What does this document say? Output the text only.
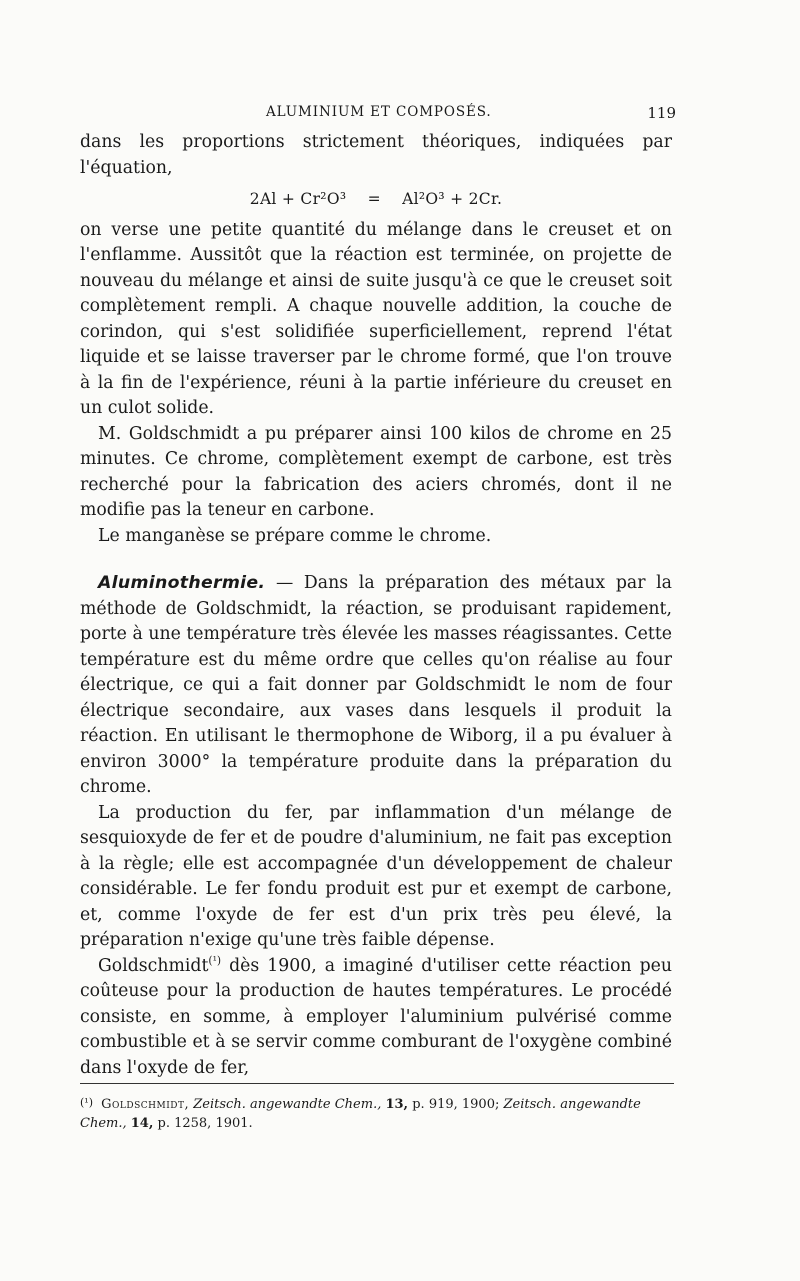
ALUMINIUM ET COMPOSÉS.	119

dans les proportions strictement théoriques, indiquées par l'équation,

2Al + Cr²O³ = Al²O³ + 2Cr.

on verse une petite quantité du mélange dans le creuset et on l'enflamme. Aussitôt que la réaction est terminée, on projette de nouveau du mélange et ainsi de suite jusqu'à ce que le creuset soit complètement rempli. A chaque nouvelle addition, la couche de corindon, qui s'est solidifiée superficiellement, reprend l'état liquide et se laisse traverser par le chrome formé, que l'on trouve à la fin de l'expérience, réuni à la partie inférieure du creuset en un culot solide.

M. Goldschmidt a pu préparer ainsi 100 kilos de chrome en 25 minutes. Ce chrome, complètement exempt de carbone, est très recherché pour la fabrication des aciers chromés, dont il ne modifie pas la teneur en carbone.

Le manganèse se prépare comme le chrome.

Aluminothermie. — Dans la préparation des métaux par la méthode de Goldschmidt, la réaction, se produisant rapidement, porte à une température très élevée les masses réagissantes. Cette température est du même ordre que celles qu'on réalise au four électrique, ce qui a fait donner par Goldschmidt le nom de four électrique secondaire, aux vases dans lesquels il produit la réaction. En utilisant le thermophone de Wiborg, il a pu évaluer à environ 3000° la température produite dans la préparation du chrome.

La production du fer, par inflammation d'un mélange de sesquioxyde de fer et de poudre d'aluminium, ne fait pas exception à la règle; elle est accompagnée d'un développement de chaleur considérable. Le fer fondu produit est pur et exempt de carbone, et, comme l'oxyde de fer est d'un prix très peu élevé, la préparation n'exige qu'une très faible dépense.

Goldschmidt$^{(^1)}$ dès 1900, a imaginé d'utiliser cette réaction peu coûteuse pour la production de hautes températures. Le procédé consiste, en somme, à employer l'aluminium pulvérisé comme combustible et à se servir comme comburant de l'oxygène combiné dans l'oxyde de fer,

(¹) Goldschmidt, Zeitsch. angewandte Chem., 13, p. 919, 1900; Zeitsch. angewandte Chem., 14, p. 1258, 1901.
